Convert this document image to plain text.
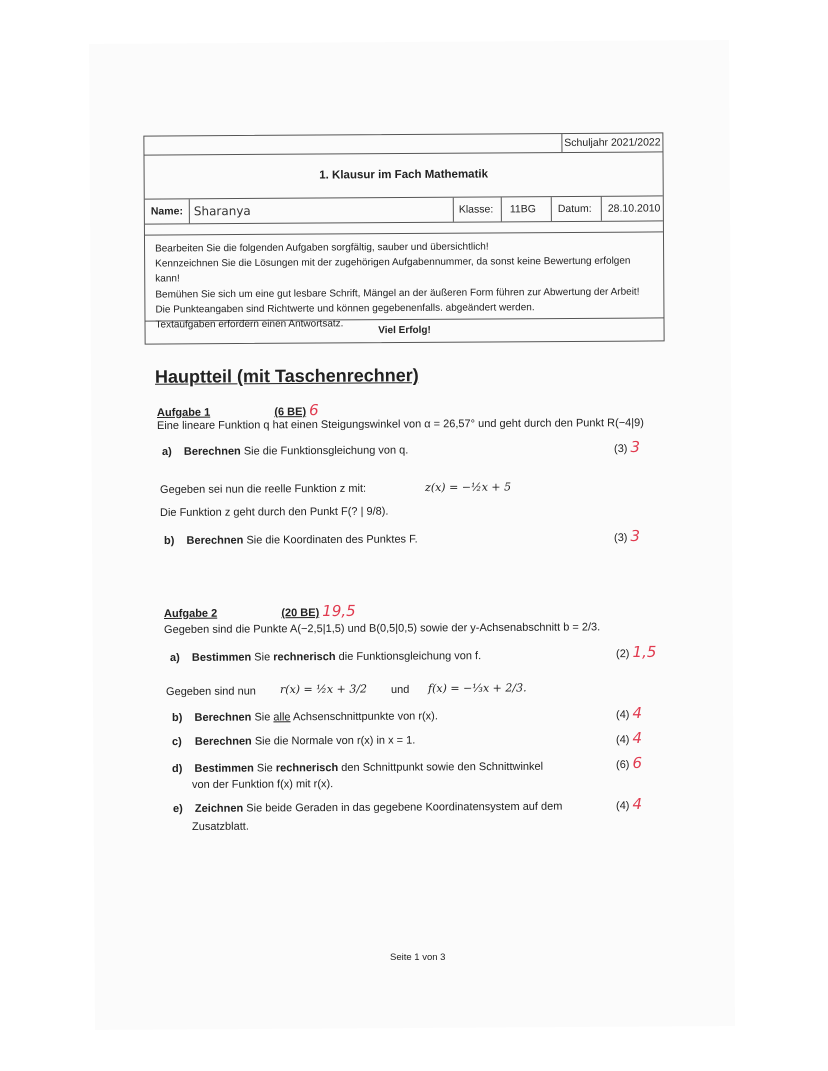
Schuljahr 2021/2022
1. Klausur im Fach Mathematik
Name: Sharanya	Klasse:	11BG	Datum:	28.10.2010
Bearbeiten Sie die folgenden Aufgaben sorgfältig, sauber und übersichtlich!
Kennzeichnen Sie die Lösungen mit der zugehörigen Aufgabennummer, da sonst keine Bewertung erfolgen kann!
Bemühen Sie sich um eine gut lesbare Schrift, Mängel an der äußeren Form führen zur Abwertung der Arbeit!
Die Punkteangaben sind Richtwerte und können gegebenenfalls. abgeändert werden.
Textaufgaben erfordern einen Antwortsatz.	Viel Erfolg!
Hauptteil (mit Taschenrechner)
Aufgabe 1	(6 BE) 6
Eine lineare Funktion q hat einen Steigungswinkel von α = 26,57° und geht durch den Punkt R(−4|9)
a) Berechnen Sie die Funktionsgleichung von q.	(3) 3
Gegeben sei nun die reelle Funktion z mit:	z(x) = −½x + 5
Die Funktion z geht durch den Punkt F(? | 9/8).
b) Berechnen Sie die Koordinaten des Punktes F.	(3) 3
Aufgabe 2	(20 BE) 19,5
Gegeben sind die Punkte A(−2,5|1,5) und B(0,5|0,5) sowie der y-Achsenabschnitt b = 2/3.
a) Bestimmen Sie rechnerisch die Funktionsgleichung von f.	(2) 1,5
Gegeben sind nun r(x) = ½x + 3/2 und f(x) = −⅓x + 2/3.
b) Berechnen Sie alle Achsenschnittpunkte von r(x).	(4) 4
c) Berechnen Sie die Normale von r(x) in x = 1.	(4) 4
d) Bestimmen Sie rechnerisch den Schnittpunkt sowie den Schnittwinkel
von der Funktion f(x) mit r(x).
(6) 6
e) Zeichnen Sie beide Geraden in das gegebene Koordinatensystem auf dem
Zusatzblatt.
(4) 4
Seite 1 von 3
